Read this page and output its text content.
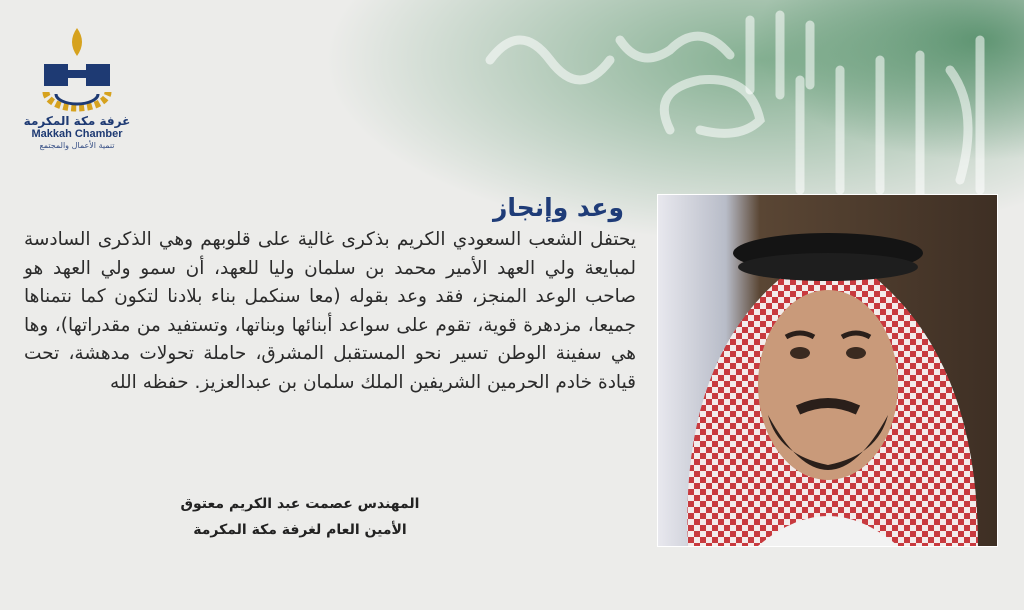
غرفة مكة المكرمة
Makkah Chamber
تنمية الأعمال والمجتمع
وعد وإنجاز
يحتفل الشعب السعودي الكريم بذكرى غالية على قلوبهم وهي الذكرى السادسة لمبايعة ولي العهد الأمير محمد بن سلمان وليا للعهد، أن سمو ولي العهد هو صاحب الوعد المنجز، فقد وعد بقوله (معا سنكمل بناء بلادنا لتكون كما نتمناها جميعا، مزدهرة قوية، تقوم على سواعد أبنائها وبناتها، وتستفيد من مقدراتها)، وها هي سفينة الوطن تسير نحو المستقبل المشرق، حاملة تحولات مدهشة، تحت قيادة خادم الحرمين الشريفين الملك سلمان بن عبدالعزيز. حفظه الله
المهندس عصمت عبد الكريم معتوق
الأمين العام لغرفة مكة المكرمة
